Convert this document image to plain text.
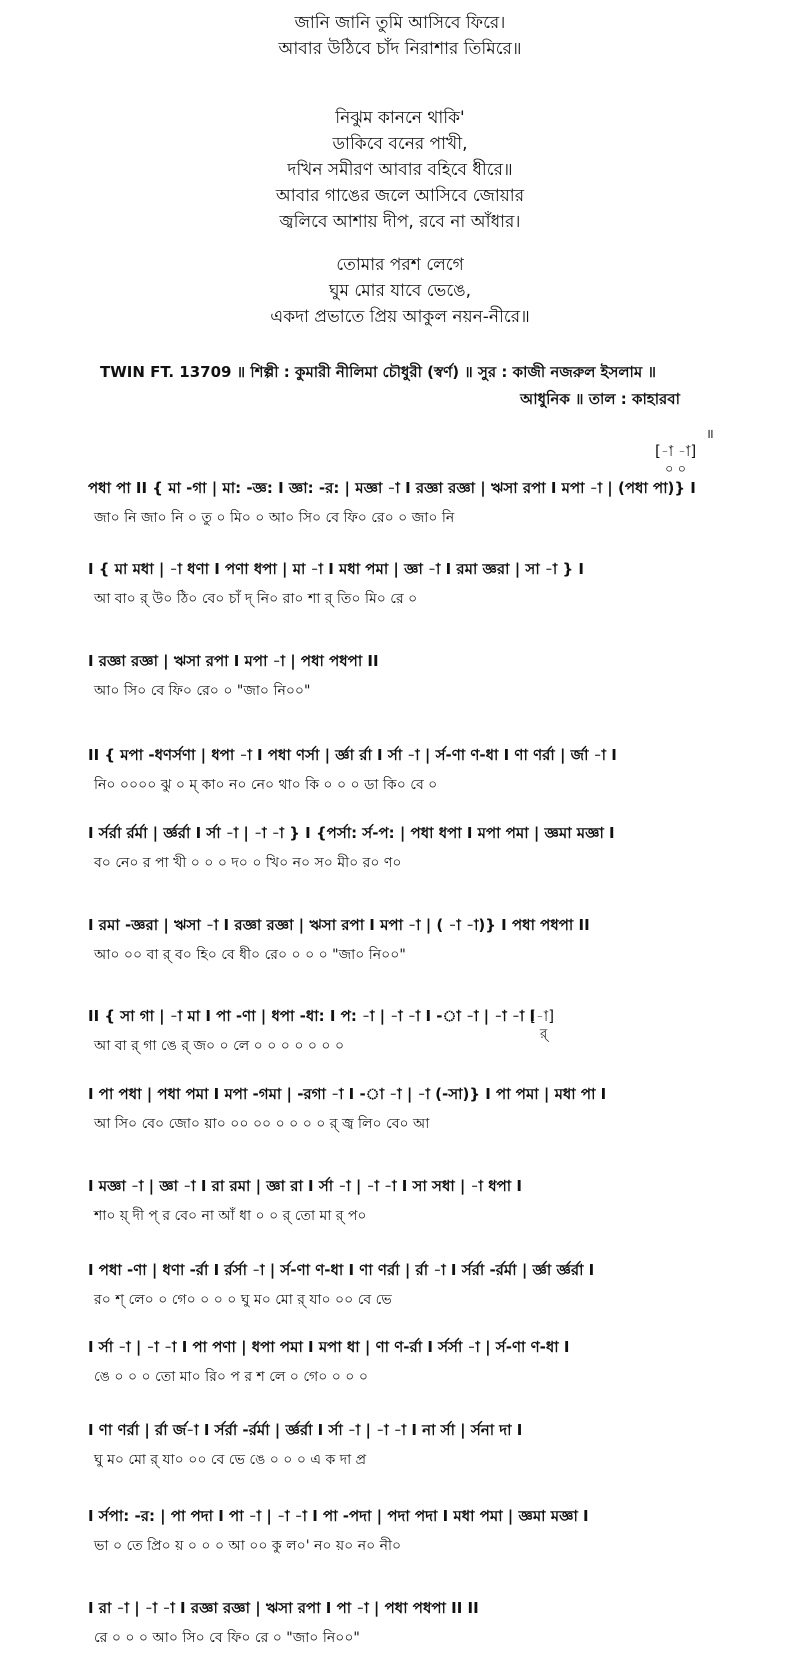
জানি জানি তুমি আসিবে ফিরে।
আবার উঠিবে চাঁদ নিরাশার তিমিরে॥
নিঝুম কাননে থাকি'
ডাকিবে বনের পাখী,
দখিন সমীরণ আবার বহিবে ধীরে॥
আবার গাঙের জলে আসিবে জোয়ার
জ্বলিবে আশায় দীপ, রবে না আঁধার।
তোমার পরশ লেগে
ঘুম মোর যাবে ভেঙে,
একদা প্রভাতে প্রিয় আকুল নয়ন-নীরে॥
TWIN FT. 13709 ॥ শিল্পী : কুমারী নীলিমা চৌধুরী (স্বর্ণ) ॥ সুর : কাজী নজরুল ইসলাম ॥
আধুনিক ॥ তাল : কাহারবা
॥
[-া -া]
০ ০
[-া]
র্
পধা পা II { মা -গা | মা: -জ্ঞ: I জ্ঞা: -র: | মজ্ঞা -া I রজ্ঞা রজ্ঞা | ঋসা রপা I মপা -া | (পধা পা)} I
জা০ নি জা০ নি ০ তু ০ মি০ ০ আ০ সি০ বে ফি০ রে০ ০ জা০ নি
I { মা মধা | -া ধণা I পণা ধপা | মা -া I মধা পমা | জ্ঞা -া I রমা জ্ঞরা | সা -া } I
আ বা০ র্ উ০ ঠি০ বে০ চাঁ দ্ নি০ রা০ শা র্ তি০ মি০ রে ০
I রজ্ঞা রজ্ঞা | ঋসা রপা I মপা -া | পধা পধপা II
আ০ সি০ বে ফি০ রে০ ০ "জা০ নি০০"
II { মপা -ধণর্সণা | ধপা -া I পধা ণর্সা | র্জ্ঞা র্রা I র্সা -া | র্স-ণা ণ-ধা I ণা ণর্রা | র্জা -া I
নি০ ০০০০ ঝু ০ ম্ কা০ ন০ নে০ থা০ কি ০ ০ ০ ডা কি০ বে ০
I র্সর্রা র্রর্মা | র্জ্ঞর্রা I র্সা -া | -া -া } I {পর্সা: র্স-প: | পধা ধপা I মপা পমা | জ্ঞমা মজ্ঞা I
ব০ নে০ র পা খী ০ ০ ০ দ০ ০ খি০ ন০ স০ মী০ র০ ণ০
I রমা -জ্ঞরা | ঋসা -া I রজ্ঞা রজ্ঞা | ঋসা রপা I মপা -া | ( -া -া)} I পধা পধপা II
আ০ ০০ বা র্ ব০ হি০ বে ধী০ রে০ ০ ০ ০ "জা০ নি০০"
II { সা গা | -া মা I পা -ণা | ধপা -ধা: I প: -া | -া -া I -া -া | -া -া I
আ বা র্ গা ঙে র্ জ০ ০ লে ০ ০ ০ ০ ০ ০ ০
I পা পধা | পধা পমা I মপা -গমা | -রগা -া I -া -া | -া (-সা)} I পা পমা | মধা পা I
আ সি০ বে০ জো০ য়া০ ০০ ০০ ০ ০ ০ ০ র্ জ্ব লি০ বে০ আ
I মজ্ঞা -া | জ্ঞা -া I রা রমা | জ্ঞা রা I র্সা -া | -া -া I সা সধা | -া ধপা I
শা০ য়্ দী প্ র বে০ না আঁ ধা ০ ০ র্ তো মা র্ প০
I পধা -ণা | ধণা -র্রা I র্রর্সা -া | র্স-ণা ণ-ধা I ণা ণর্রা | র্রা -া I র্সর্রা -র্রর্মা | র্জ্ঞা র্জ্ঞর্রা I
র০ শ্ লে০ ০ গে০ ০ ০ ০ ঘু ম০ মো র্ যা০ ০০ বে ভে
I র্সা -া | -া -া I পা পণা | ধপা পমা I মপা ধা | ণা ণ-র্রা I র্সর্সা -া | র্স-ণা ণ-ধা I
ঙে ০ ০ ০ তো মা০ রি০ প র শ লে ০ গে০ ০ ০ ০
I ণা ণর্রা | র্রা র্জ-া I র্সর্রা -র্রর্মা | র্জ্ঞর্রা I র্সা -া | -া -া I না র্সা | র্সনা দা I
ঘু ম০ মো র্ যা০ ০০ বে ভে ঙে ০ ০ ০ এ ক দা প্র
I র্সপা: -র: | পা পদা I পা -া | -া -া I পা -পদা | পদা পদা I মধা পমা | জ্ঞমা মজ্ঞা I
ভা ০ তে প্রি০ য় ০ ০ ০ আ ০০ কু ল০' ন০ য়০ ন০ নী০
I রা -া | -া -া I রজ্ঞা রজ্ঞা | ঋসা রপা I পা -া | পধা পধপা II II
রে ০ ০ ০ আ০ সি০ বে ফি০ রে ০ "জা০ নি০০"
